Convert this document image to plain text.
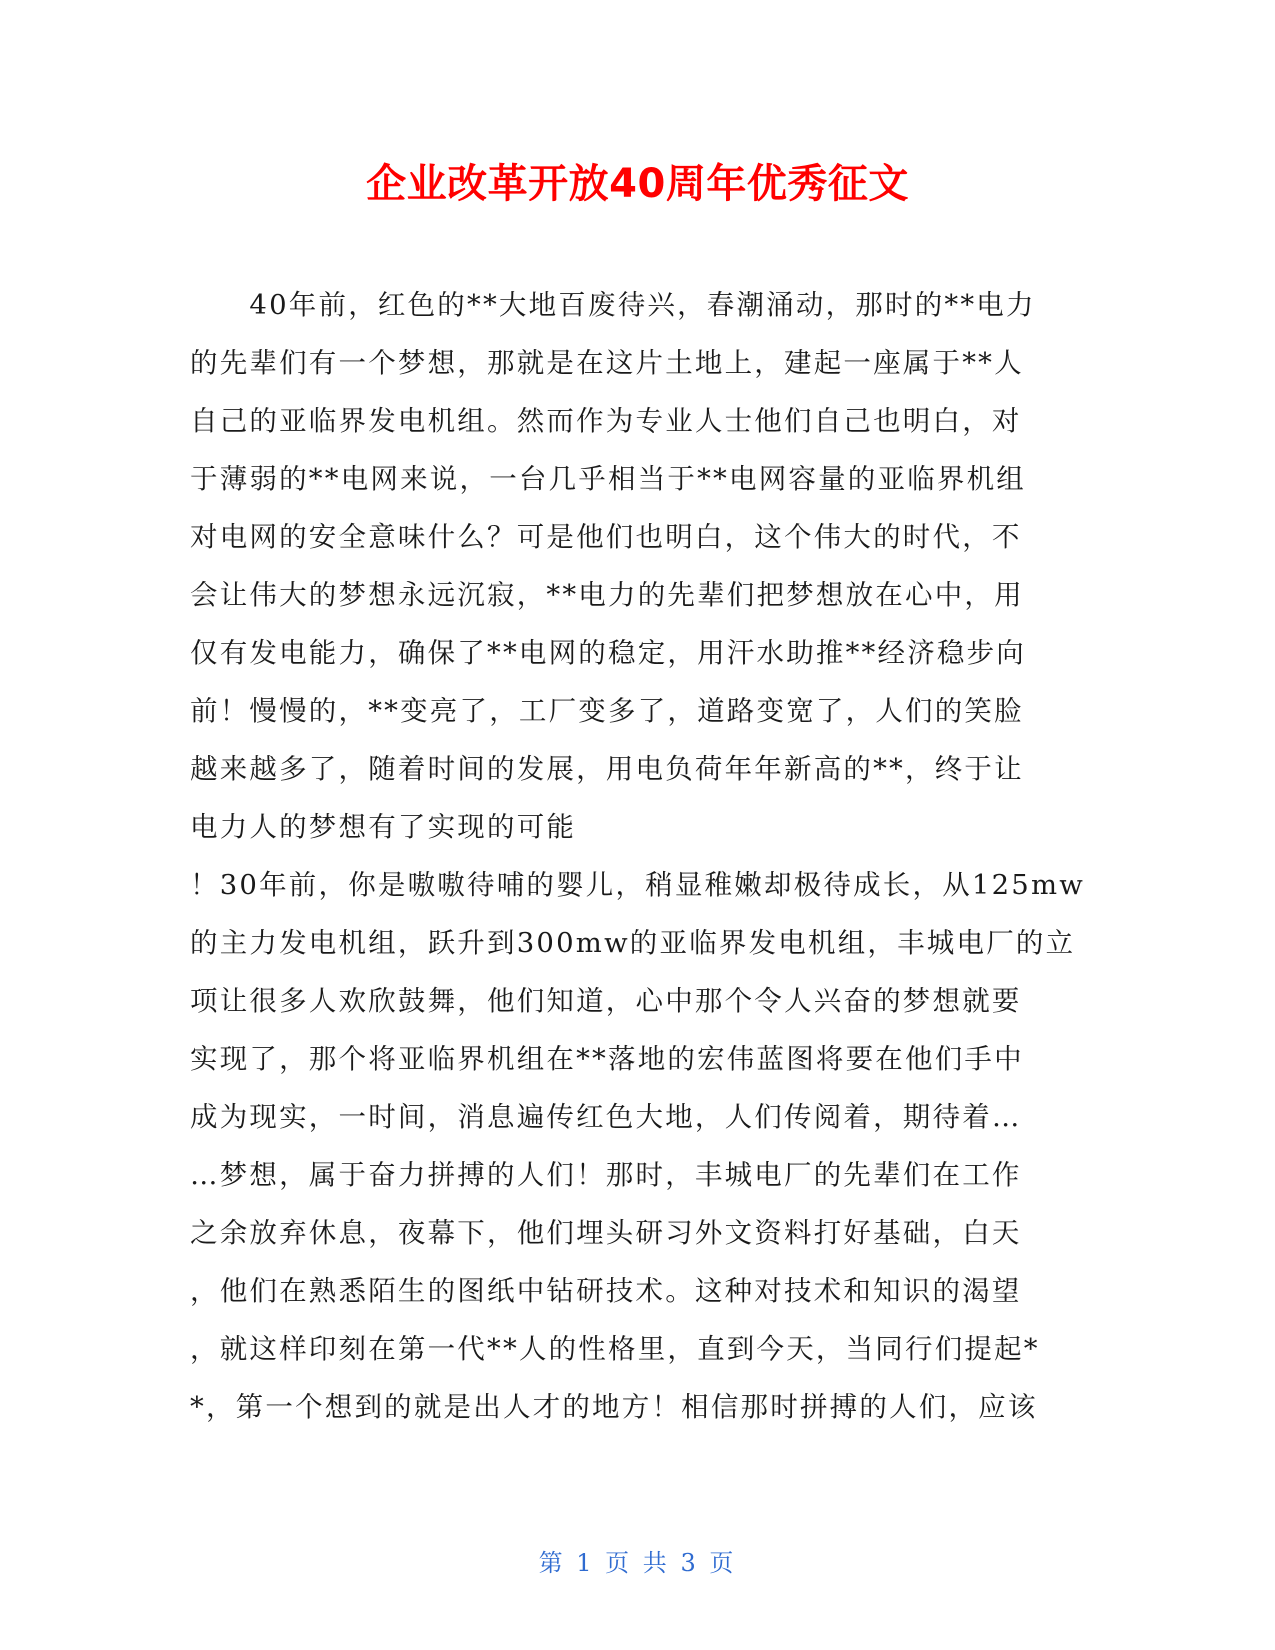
企业改革开放40周年优秀征文
　　40年前，红色的**大地百废待兴，春潮涌动，那时的**电力
的先辈们有一个梦想，那就是在这片土地上，建起一座属于**人
自己的亚临界发电机组。然而作为专业人士他们自己也明白，对
于薄弱的**电网来说，一台几乎相当于**电网容量的亚临界机组
对电网的安全意味什么？可是他们也明白，这个伟大的时代，不
会让伟大的梦想永远沉寂，**电力的先辈们把梦想放在心中，用
仅有发电能力，确保了**电网的稳定，用汗水助推**经济稳步向
前！慢慢的，**变亮了，工厂变多了，道路变宽了，人们的笑脸
越来越多了，随着时间的发展，用电负荷年年新高的**，终于让
电力人的梦想有了实现的可能
！30年前，你是嗷嗷待哺的婴儿，稍显稚嫩却极待成长，从125mw
的主力发电机组，跃升到300mw的亚临界发电机组，丰城电厂的立
项让很多人欢欣鼓舞，他们知道，心中那个令人兴奋的梦想就要
实现了，那个将亚临界机组在**落地的宏伟蓝图将要在他们手中
成为现实，一时间，消息遍传红色大地，人们传阅着，期待着…
…梦想，属于奋力拼搏的人们！那时，丰城电厂的先辈们在工作
之余放弃休息，夜幕下，他们埋头研习外文资料打好基础，白天
，他们在熟悉陌生的图纸中钻研技术。这种对技术和知识的渴望
，就这样印刻在第一代**人的性格里，直到今天，当同行们提起*
*，第一个想到的就是出人才的地方！相信那时拼搏的人们，应该
第 1 页 共 3 页
